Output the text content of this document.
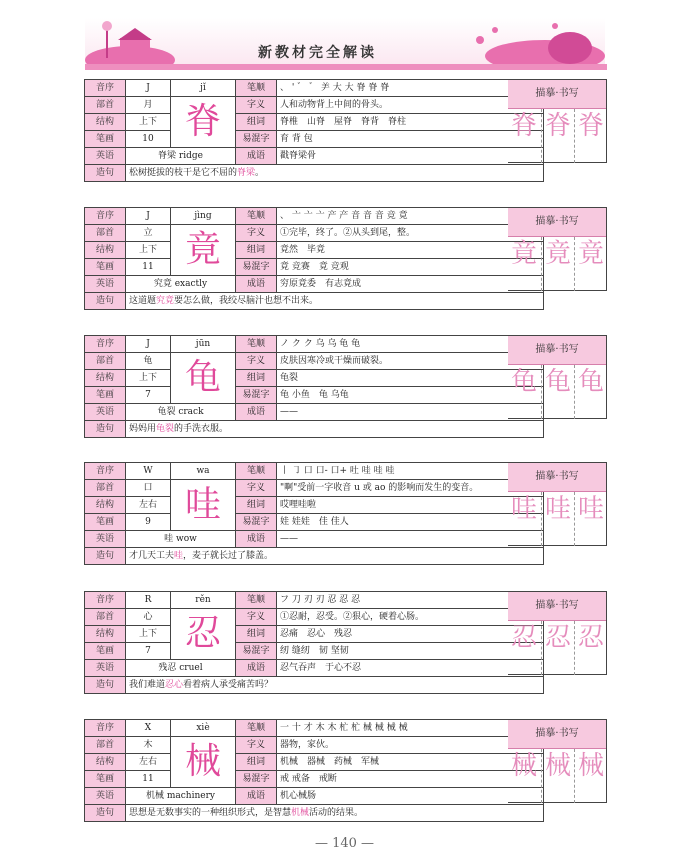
新教材完全解读
音序	J	jǐ	笔顺	、 ' ゛ ゛ ⺶ 大 大 脊 脊 脊
部首	月	脊	字义	人和动物背上中间的骨头。
结构	上下		组词	脊椎　山脊　屋脊　脊背　脊柱
笔画	10		易混字	育 背 包
英语	脊梁 ridge		成语	戳脊梁骨
造句	松树挺拔的枝干是它不屈的脊梁。			
描摹·书写
脊 脊 脊
音序	J	jìng	笔顺	、 ⼇ ⼇ ⼇ 产 产 音 音 音 竞 竟
部首	立	竟	字义	①完毕，终了。②从头到尾，整。
结构	上下		组词	竟然　毕竟
笔画	11		易混字	竟 竞赛　竟 竞观
英语	究竟 exactly		成语	穷原竟委　有志竟成
造句	这道题究竟要怎么做，我绞尽脑汁也想不出来。			
描摹·书写
竟 竟 竟
音序	J	jūn	笔顺	ノ ク ク 乌 乌 龟 龟
部首	龟	龟	字义	皮肤因寒冷或干燥而破裂。
结构	上下		组词	龟裂
笔画	7		易混字	龟 小鱼　龟 乌龟
英语	龟裂 crack		成语	——
造句	妈妈用龟裂的手洗衣服。			
描摹·书写
龟 龟 龟
音序	W	wa	笔顺	丨 ㇆ 口 口‐ 口+ 吐 哇 哇 哇
部首	口	哇	字义	"啊"受前一字收音 u 或 ao 的影响而发生的变音。
结构	左右		组词	哎哩哇啦
笔画	9		易混字	娃 娃娃　佳 佳人
英语	哇 wow		成语	——
造句	才几天工夫哇，麦子就长过了膝盖。			
描摹·书写
哇 哇 哇
音序	R	rěn	笔顺	フ 刀 刃 刃 忍 忍 忍
部首	心	忍	字义	①忍耐，忍受。②狠心，硬着心肠。
结构	上下		组词	忍痛　忍心　残忍
笔画	7		易混字	纫 缝纫　韧 坚韧
英语	残忍 cruel		成语	忍气吞声　于心不忍
造句	我们难道忍心看着病人承受痛苦吗？			
描摹·书写
忍 忍 忍
音序	X	xiè	笔顺	一 十 才 木 木 杧 杧 械 械 械 械
部首	木	械	字义	器物，家伙。
结构	左右		组词	机械　器械　药械　军械
笔画	11		易混字	戒 戒备　戒断
英语	机械 machinery		成语	机心械肠
造句	思想是无数事实的一种组织形式，是智慧机械活动的结果。			
描摹·书写
械 械 械
— 140 —
